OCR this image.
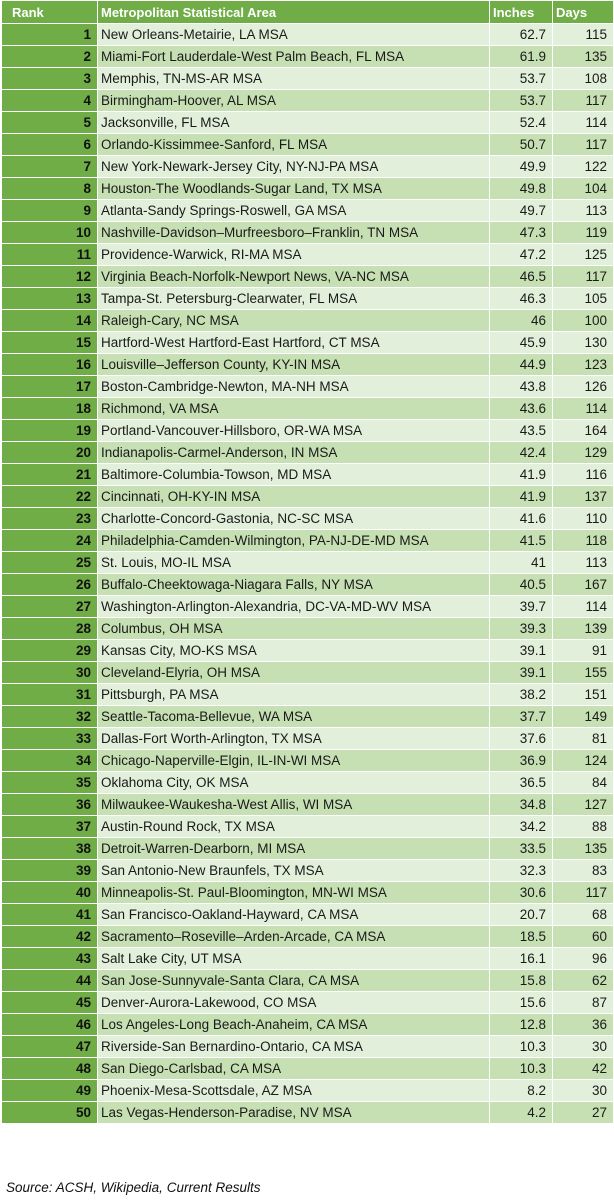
Rank	Metropolitan Statistical Area	Inches	Days
1	New Orleans-Metairie, LA MSA	62.7	115
2	Miami-Fort Lauderdale-West Palm Beach, FL MSA	61.9	135
3	Memphis, TN-MS-AR MSA	53.7	108
4	Birmingham-Hoover, AL MSA	53.7	117
5	Jacksonville, FL MSA	52.4	114
6	Orlando-Kissimmee-Sanford, FL MSA	50.7	117
7	New York-Newark-Jersey City, NY-NJ-PA MSA	49.9	122
8	Houston-The Woodlands-Sugar Land, TX MSA	49.8	104
9	Atlanta-Sandy Springs-Roswell, GA MSA	49.7	113
10	Nashville-Davidson–Murfreesboro–Franklin, TN MSA	47.3	119
11	Providence-Warwick, RI-MA MSA	47.2	125
12	Virginia Beach-Norfolk-Newport News, VA-NC MSA	46.5	117
13	Tampa-St. Petersburg-Clearwater, FL MSA	46.3	105
14	Raleigh-Cary, NC MSA	46	100
15	Hartford-West Hartford-East Hartford, CT MSA	45.9	130
16	Louisville–Jefferson County, KY-IN MSA	44.9	123
17	Boston-Cambridge-Newton, MA-NH MSA	43.8	126
18	Richmond, VA MSA	43.6	114
19	Portland-Vancouver-Hillsboro, OR-WA MSA	43.5	164
20	Indianapolis-Carmel-Anderson, IN MSA	42.4	129
21	Baltimore-Columbia-Towson, MD MSA	41.9	116
22	Cincinnati, OH-KY-IN MSA	41.9	137
23	Charlotte-Concord-Gastonia, NC-SC MSA	41.6	110
24	Philadelphia-Camden-Wilmington, PA-NJ-DE-MD MSA	41.5	118
25	St. Louis, MO-IL MSA	41	113
26	Buffalo-Cheektowaga-Niagara Falls, NY MSA	40.5	167
27	Washington-Arlington-Alexandria, DC-VA-MD-WV MSA	39.7	114
28	Columbus, OH MSA	39.3	139
29	Kansas City, MO-KS MSA	39.1	91
30	Cleveland-Elyria, OH MSA	39.1	155
31	Pittsburgh, PA MSA	38.2	151
32	Seattle-Tacoma-Bellevue, WA MSA	37.7	149
33	Dallas-Fort Worth-Arlington, TX MSA	37.6	81
34	Chicago-Naperville-Elgin, IL-IN-WI MSA	36.9	124
35	Oklahoma City, OK MSA	36.5	84
36	Milwaukee-Waukesha-West Allis, WI MSA	34.8	127
37	Austin-Round Rock, TX MSA	34.2	88
38	Detroit-Warren-Dearborn, MI MSA	33.5	135
39	San Antonio-New Braunfels, TX MSA	32.3	83
40	Minneapolis-St. Paul-Bloomington, MN-WI MSA	30.6	117
41	San Francisco-Oakland-Hayward, CA MSA	20.7	68
42	Sacramento–Roseville–Arden-Arcade, CA MSA	18.5	60
43	Salt Lake City, UT MSA	16.1	96
44	San Jose-Sunnyvale-Santa Clara, CA MSA	15.8	62
45	Denver-Aurora-Lakewood, CO MSA	15.6	87
46	Los Angeles-Long Beach-Anaheim, CA MSA	12.8	36
47	Riverside-San Bernardino-Ontario, CA MSA	10.3	30
48	San Diego-Carlsbad, CA MSA	10.3	42
49	Phoenix-Mesa-Scottsdale, AZ MSA	8.2	30
50	Las Vegas-Henderson-Paradise, NV MSA	4.2	27
Source: ACSH, Wikipedia, Current Results
